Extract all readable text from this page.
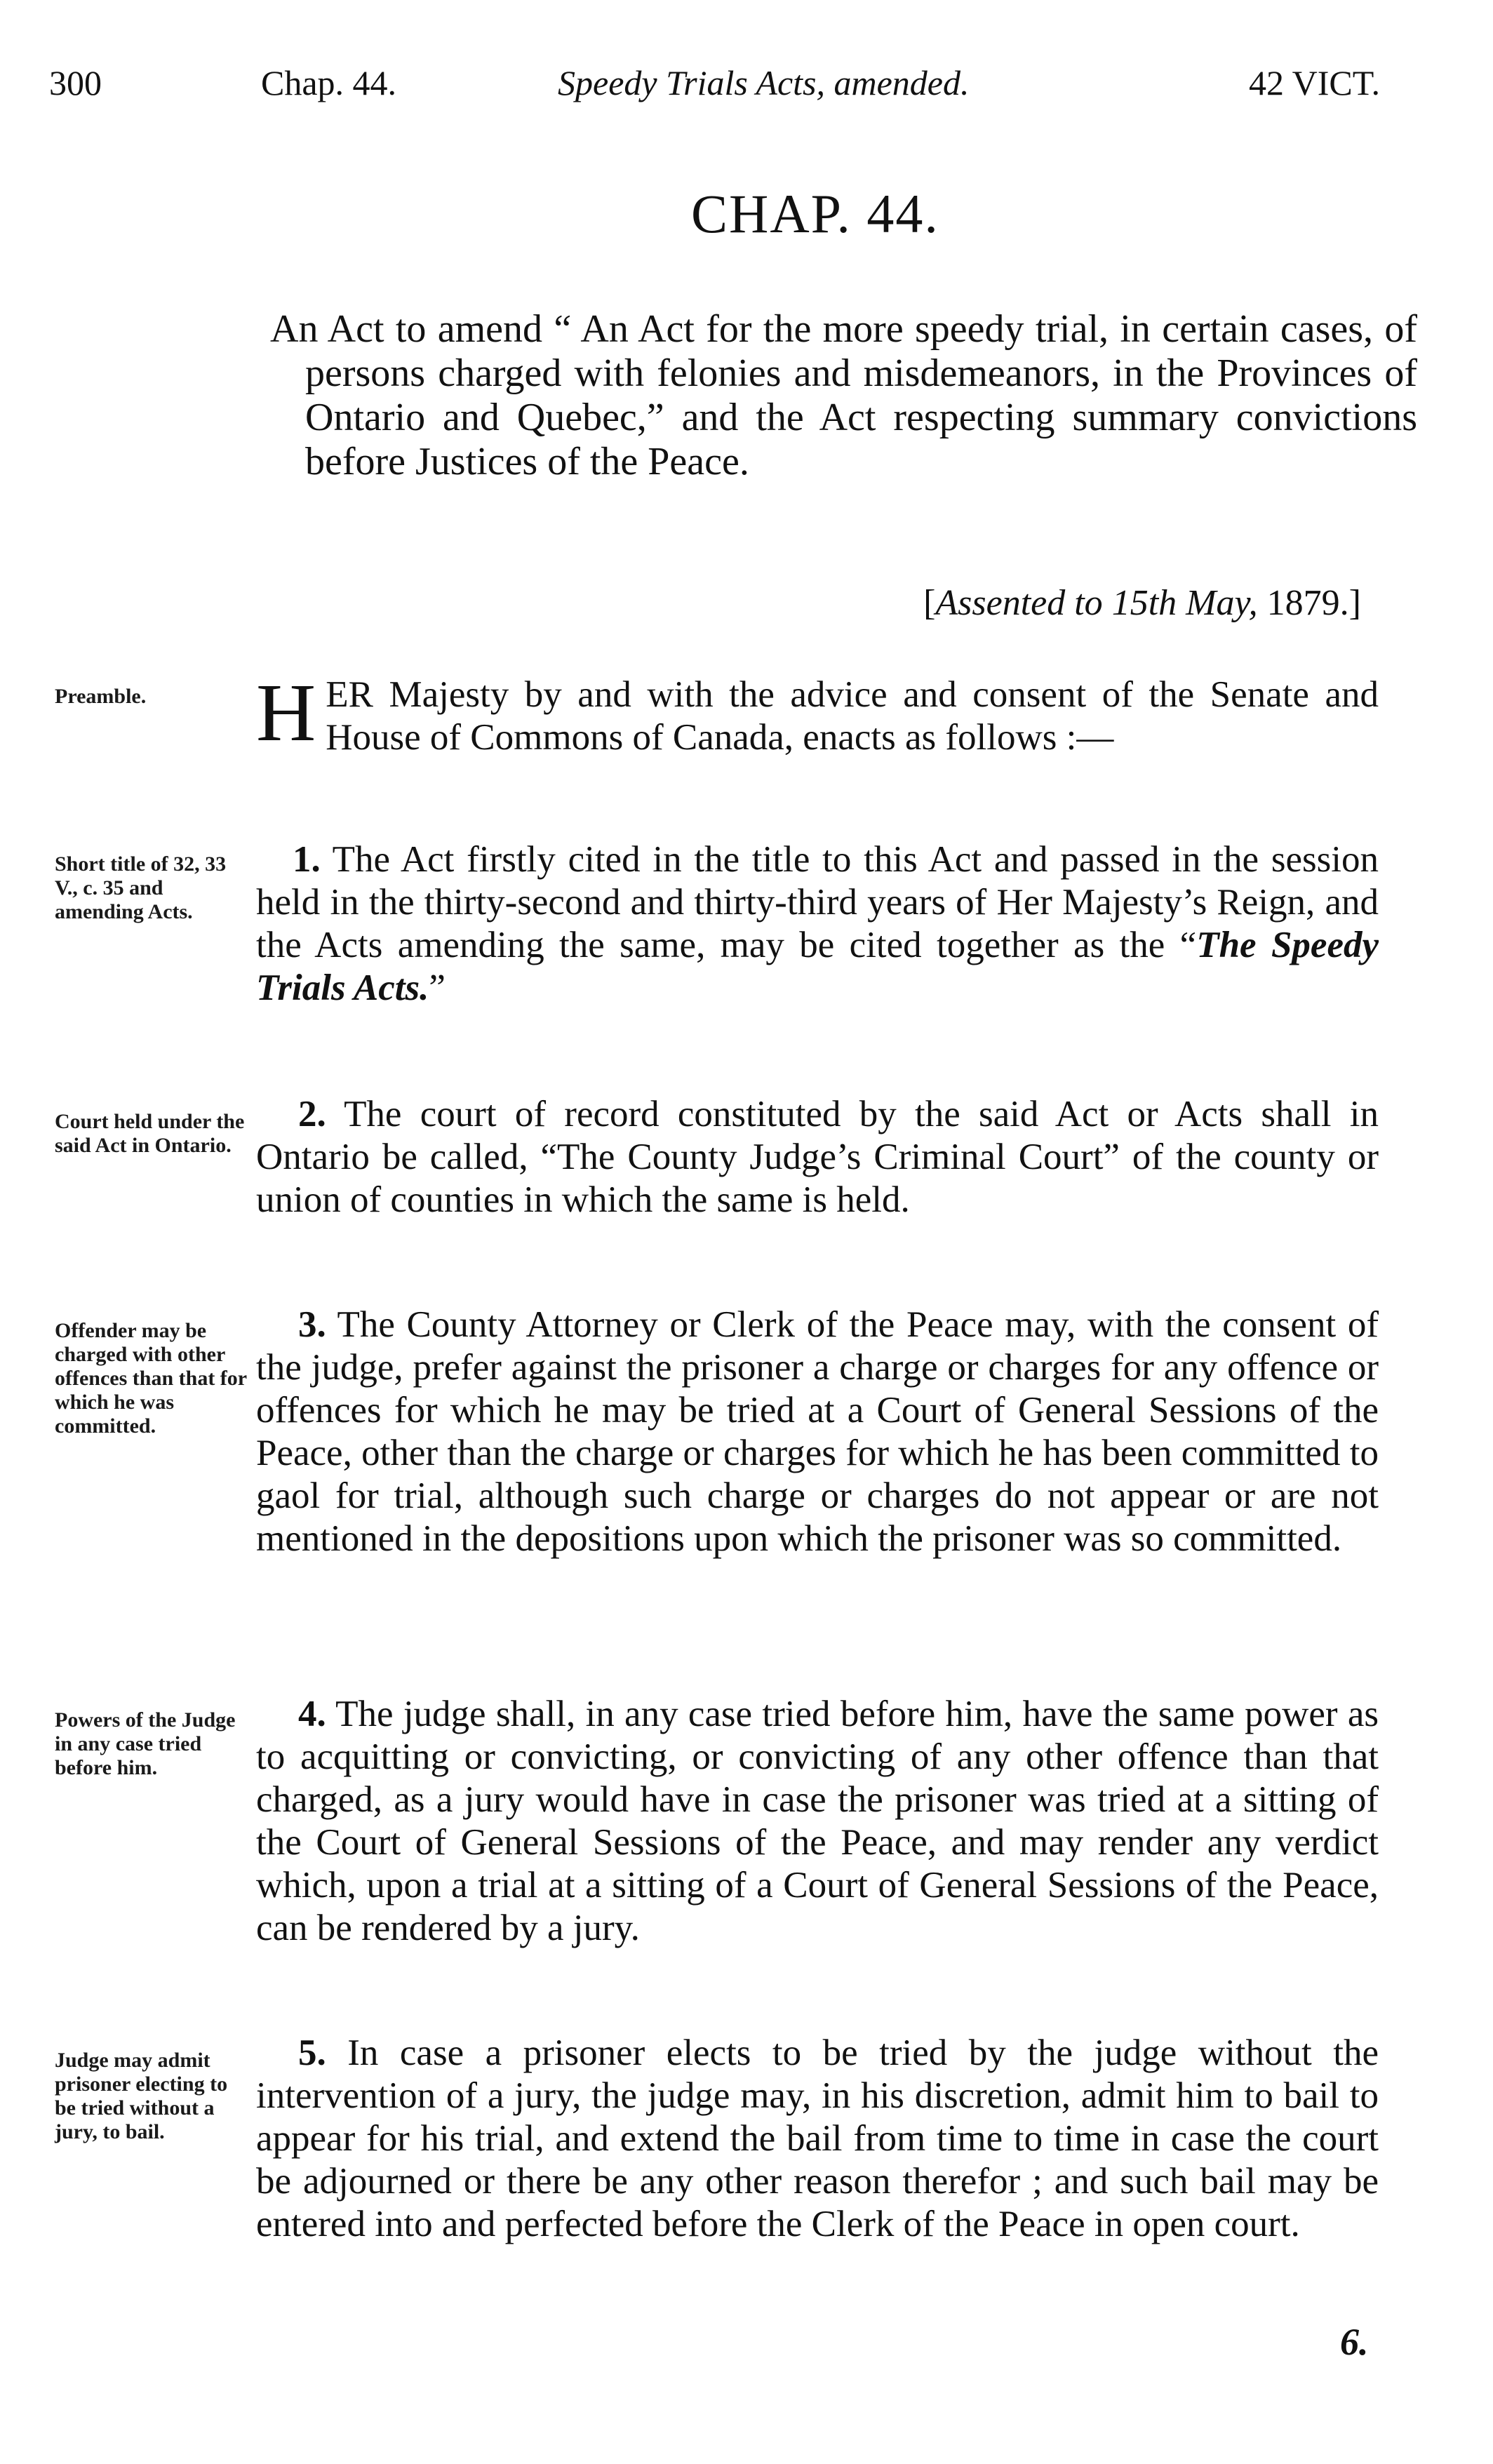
300	Chap. 44.	Speedy Trials Acts, amended.	42 VICT.
CHAP. 44.
An Act to amend “ An Act for the more speedy trial, in certain cases, of persons charged with felonies and misdemeanors, in the Provinces of Ontario and Quebec,” and the Act respecting summary convictions before Justices of the Peace.
[Assented to 15th May, 1879.]
Preamble.	HER Majesty by and with the advice and consent of the Senate and House of Commons of Canada, enacts as follows :—
Short title of 32, 33 V., c. 35 and amending Acts.
1. The Act firstly cited in the title to this Act and passed in the session held in the thirty-second and thirty-third years of Her Majesty’s Reign, and the Acts amending the same, may be cited together as the “The Speedy Trials Acts.”
Court held under the said Act in Ontario.
2. The court of record constituted by the said Act or Acts shall in Ontario be called, “The County Judge’s Criminal Court” of the county or union of counties in which the same is held.
Offender may be charged with other offences than that for which he was committed.
3. The County Attorney or Clerk of the Peace may, with the consent of the judge, prefer against the prisoner a charge or charges for any offence or offences for which he may be tried at a Court of General Sessions of the Peace, other than the charge or charges for which he has been committed to gaol for trial, although such charge or charges do not appear or are not mentioned in the depositions upon which the prisoner was so committed.
Powers of the Judge in any case tried before him.
4. The judge shall, in any case tried before him, have the same power as to acquitting or convicting, or convicting of any other offence than that charged, as a jury would have in case the prisoner was tried at a sitting of the Court of General Sessions of the Peace, and may render any verdict which, upon a trial at a sitting of a Court of General Sessions of the Peace, can be rendered by a jury.
Judge may admit prisoner electing to be tried without a jury, to bail.
5. In case a prisoner elects to be tried by the judge without the intervention of a jury, the judge may, in his discretion, admit him to bail to appear for his trial, and extend the bail from time to time in case the court be adjourned or there be any other reason therefor ; and such bail may be entered into and perfected before the Clerk of the Peace in open court.
6.
